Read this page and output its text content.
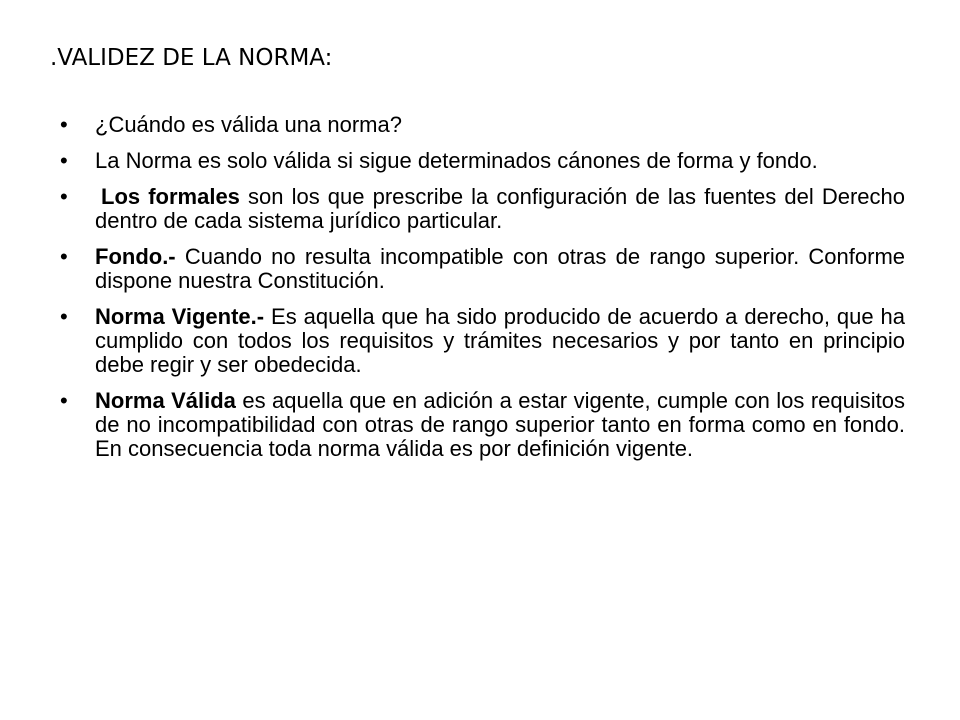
.VALIDEZ DE LA NORMA:
•	¿Cuándo es válida una norma?
•	La Norma es solo válida si sigue determinados cánones de forma y fondo.
•	Los formales son los que prescribe la configuración de las fuentes del Derecho dentro de cada sistema jurídico particular.
•	Fondo.- Cuando no resulta incompatible con otras de rango superior. Conforme dispone nuestra Constitución.
•	Norma Vigente.- Es aquella que ha sido producido de acuerdo a derecho, que ha cumplido con todos los requisitos y trámites necesarios y por tanto en principio debe regir y ser obedecida.
•	Norma Válida es aquella que en adición a estar vigente, cumple con los requisitos de no incompatibilidad con otras de rango superior tanto en forma como en fondo. En consecuencia toda norma válida es por definición vigente.
